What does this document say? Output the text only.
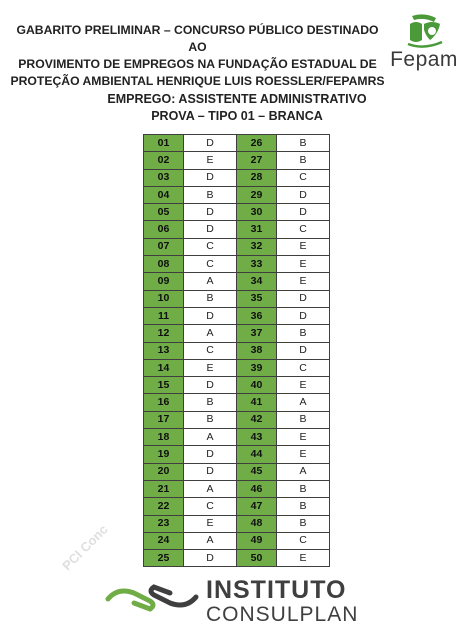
GABARITO PRELIMINAR – CONCURSO PÚBLICO DESTINADO AO
PROVIMENTO DE EMPREGOS NA FUNDAÇÃO ESTADUAL DE
PROTEÇÃO AMBIENTAL HENRIQUE LUIS ROESSLER/FEPAMRS
Fepam
EMPREGO: ASSISTENTE ADMINISTRATIVO
PROVA – TIPO 01 – BRANCA
01	D	26	B
02	E	27	B
03	D	28	C
04	B	29	D
05	D	30	D
06	D	31	C
07	C	32	E
08	C	33	E
09	A	34	E
10	B	35	D
11	D	36	D
12	A	37	B
13	C	38	D
14	E	39	C
15	D	40	E
16	B	41	A
17	B	42	B
18	A	43	E
19	D	44	E
20	D	45	A
21	A	46	B
22	C	47	B
23	E	48	B
24	A	49	C
25	D	50	E
PCI Conc
INSTITUTO
CONSULPLAN
